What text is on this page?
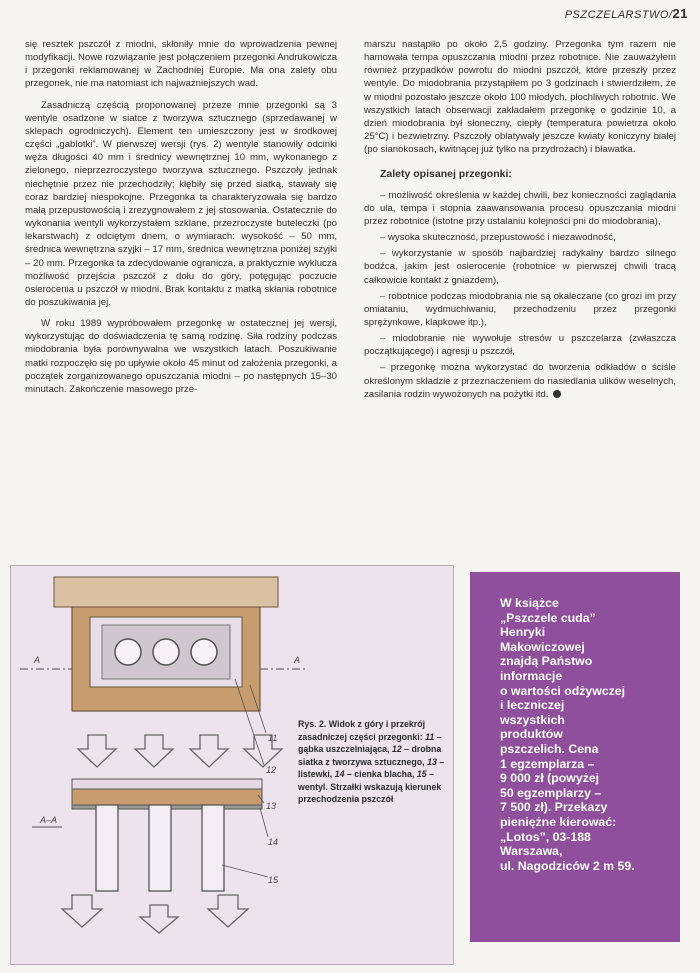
PSZCZELARSTWO/21

się resztek pszczół z miodni, skłoniły mnie do wprowadzenia pewnej modyfikacji. Nowe rozwiązanie jest połączeniem przegonki Andrukowicza i przegonki reklamowanej w Zachodniej Europie. Ma ona zalety obu przegonek, nie ma natomiast ich najważniejszych wad.

Zasadniczą częścią proponowanej przeze mnie przegonki są 3 wentyle osadzone w siatce z tworzywa sztucznego (sprzedawanej w sklepach ogrodniczych). Element ten umieszczony jest w środkowej części „gablotki”. W pierwszej wersji (rys. 2) wentyle stanowiły odcinki węża długości 40 mm i średnicy wewnętrznej 10 mm, wykonanego z zielonego, nieprzezroczystego tworzywa sztucznego. Pszczoły jednak niechętnie przez nie przechodziły; kłębiły się przed siatką, stawały się coraz bardziej niespokojne. Przegonka ta charakteryzowała się bardzo małą przepustowością i zrezygnowałem z jej stosowania. Ostatecznie do wykonania wentyli wykorzystałem szklane, przezroczyste buteleczki (po lekarstwach) z odciętym dnem, o wymiarach: wysokość – 50 mm, średnica wewnętrzna szyjki – 17 mm, średnica wewnętrzna poniżej szyjki – 20 mm. Przegonka ta zdecydowanie ogranicza, a praktycznie wyklucza możliwość przejścia pszczół z dołu do góry, potęgując poczucie osierocenia u pszczół w miodni. Brak kontaktu z matką skłania robotnice do poszukiwania jej.

W roku 1989 wypróbowałem przegonkę w ostatecznej jej wersji, wykorzystując do doświadczenia tę samą rodzinę. Siła rodziny podczas miodobrania była porównywalna we wszystkich latach. Poszukiwanie matki rozpoczęło się po upływie około 45 minut od założenia przegonki, a początek zorganizowanego opuszczania miodni – po następnych 15–30 minutach. Zakończenie masowego prze-

marszu nastąpiło po około 2,5 godziny. Przegonka tym razem nie hamowała tempa opuszczania miodni przez robotnice. Nie zauważyłem również przypadków powrotu do miodni pszczół, które przeszły przez wentyle. Do miodobrania przystąpiłem po 3 godzinach i stwierdziłem, że w miodni pozostało jeszcze około 100 młodych, płochliwych robotnic. We wszystkich latach obserwacji zakładałem przegonkę o godzinie 10, a dzień miodobrania był słoneczny, ciepły (temperatura powietrza około 25°C) i bezwietrzny. Pszczoły oblatywały jeszcze kwiaty koniczyny białej (po sianokosach, kwitnącej już tylko na przydrożach) i bławatka.

Zalety opisanej przegonki:

– możliwość określenia w każdej chwili, bez konieczności zaglądania do ula, tempa i stopnia zaawansowania procesu opuszczania miodni przez robotnice (istotne przy ustalaniu kolejności pni do miodobrania),

– wysoka skuteczność, przepustowość i niezawodność,

– wykorzystanie w sposób najbardziej radykalny bardzo silnego bodźca, jakim jest osierocenie (robotnice w pierwszej chwili tracą całkowicie kontakt z gniazdem),

– robotnice podczas miodobrania nie są okaleczane (co grozi im przy omiataniu, wydmuchiwaniu, przechodzeniu przez przegonki sprężynkowe, klapkowe itp.),

– miodobranie nie wywołuje stresów u pszczelarza (zwłaszcza początkującego) i agresji u pszczół,

– przegonkę można wykorzystać do tworzenia odkładów o ściśle określonym składzie z przeznaczeniem do nasiedlania ulików weselnych, zasilania rodzin wywożonych na pożytki itd.

A	A
A–A
11
12
13
14
15
Rys. 2. Widok z góry i przekrój zasadniczej części przegonki: 11 – gąbka uszczelniająca, 12 – drobna siatka z tworzywa sztucznego, 13 – listewki, 14 – cienka blacha, 15 – wentyl. Strzałki wskazują kierunek przechodzenia pszczół
W książce
„Pszczele cuda”
Henryki
Makowiczowej
znajdą Państwo
informacje
o wartości odżywczej
i leczniczej
wszystkich
produktów
pszczelich. Cena
1 egzemplarza –
9 000 zł (powyżej
50 egzemplarzy –
7 500 zł). Przekazy
pieniężne kierować:
„Lotos”, 03-188
Warszawa,
ul. Nagodziców 2 m 59.
